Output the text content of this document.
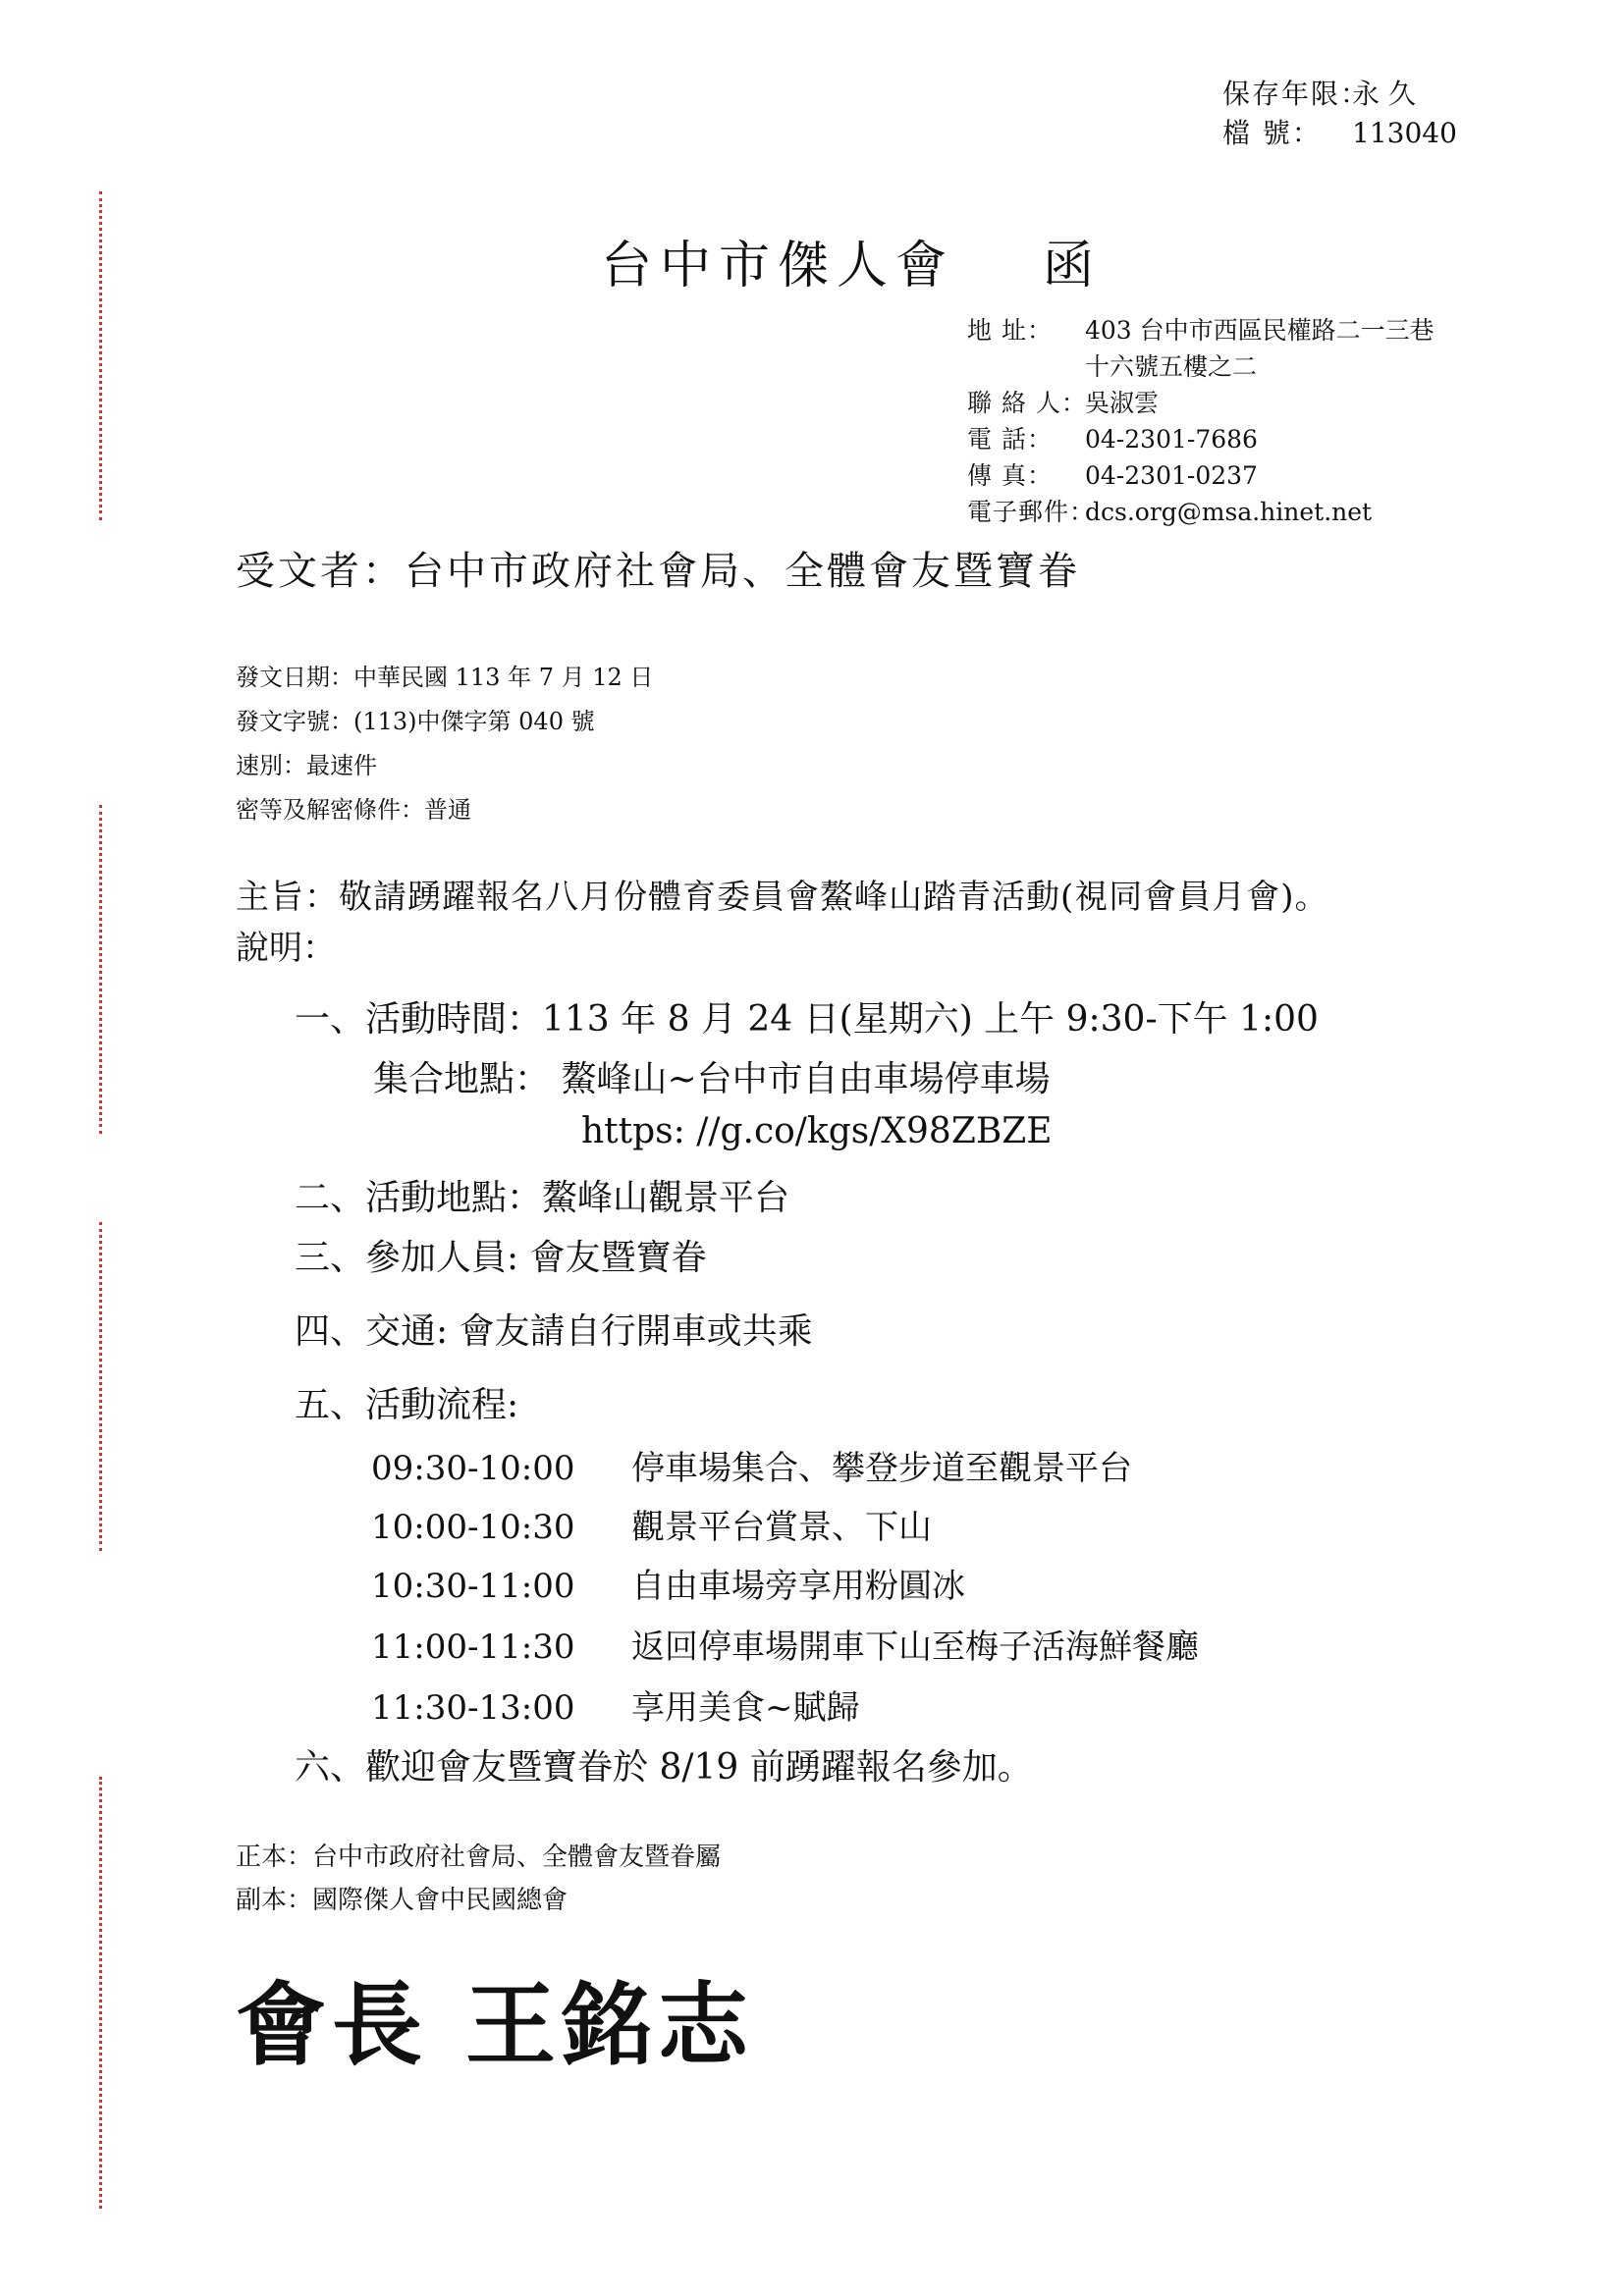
保存年限：永 久
檔 號： 113040
台中市傑人會 函
地 址：	403 台中市西區民權路二一三巷
十六號五樓之二
聯 絡 人：
吳淑雲
電 話：	04-2301-7686
傳 真：	04-2301-0237
電子郵件：
dcs.org@msa.hinet.net
受文者：台中市政府社會局、全體會友暨寶眷
發文日期：中華民國 113 年 7 月 12 日
發文字號：(113)中傑字第 040 號
速別：最速件
密等及解密條件：普通
主旨：敬請踴躍報名八月份體育委員會鰲峰山踏青活動(視同會員月會)。
說明：
一、活動時間：113 年 8 月 24 日(星期六) 上午 9:30-下午 1:00
集合地點： 鰲峰山~台中市自由車場停車場
https: //g.co/kgs/X98ZBZE
二、活動地點：鰲峰山觀景平台
三、參加人員: 會友暨寶眷
四、交通: 會友請自行開車或共乘
五、活動流程:
六、歡迎會友暨寶眷於 8/19 前踴躍報名參加。
09:30-10:00 停車場集合、攀登步道至觀景平台
10:00-10:30 觀景平台賞景、下山
10:30-11:00 自由車場旁享用粉圓冰
11:00-11:30 返回停車場開車下山至梅子活海鮮餐廳
11:30-13:00 享用美食~賦歸
正本：台中市政府社會局、全體會友暨眷屬
副本：國際傑人會中民國總會
會長 王銘志
